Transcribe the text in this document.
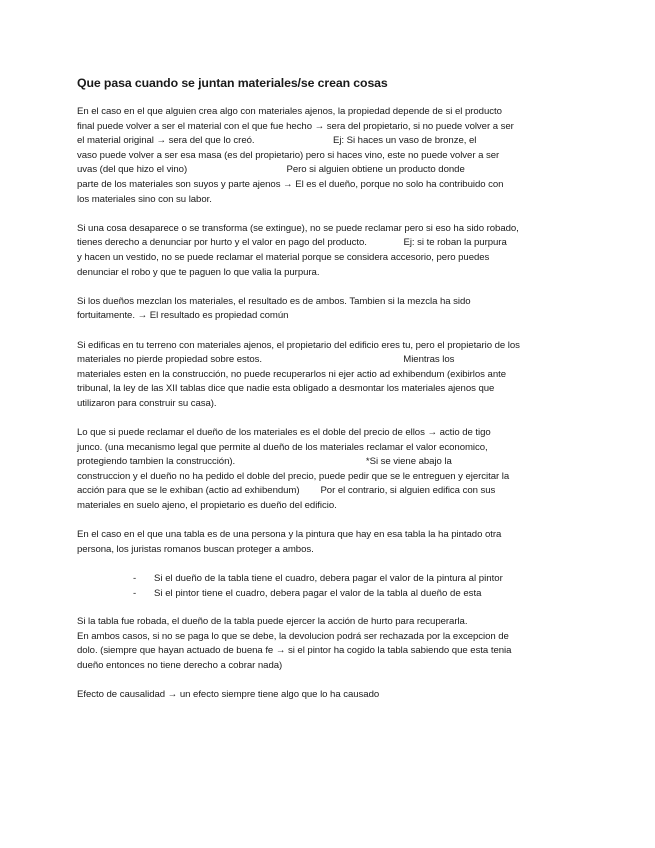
Que pasa cuando se juntan materiales/se crean cosas
En el caso en el que alguien crea algo con materiales ajenos, la propiedad depende de si el producto
final puede volver a ser el material con el que fue hecho → sera del propietario, si no puede volver a ser
el material original → sera del que lo creó.                              Ej: Si haces un vaso de bronze, el
vaso puede volver a ser esa masa (es del propietario) pero si haces vino, este no puede volver a ser
uvas (del que hizo el vino)                                      Pero si alguien obtiene un producto donde
parte de los materiales son suyos y parte ajenos → El es el dueño, porque no solo ha contribuido con
los materiales sino con su labor.
Si una cosa desaparece o se transforma (se extingue), no se puede reclamar pero si eso ha sido robado,
tienes derecho a denunciar por hurto y el valor en pago del producto.              Ej: si te roban la purpura
y hacen un vestido, no se puede reclamar el material porque se considera accesorio, pero puedes
denunciar el robo y que te paguen lo que valia la purpura.
Si los dueños mezclan los materiales, el resultado es de ambos. Tambien si la mezcla ha sido
fortuitamente. → El resultado es propiedad común
Si edificas en tu terreno con materiales ajenos, el propietario del edificio eres tu, pero el propietario de los
materiales no pierde propiedad sobre estos.                                                      Mientras los
materiales esten en la construcción, no puede recuperarlos ni ejer actio ad exhibendum (exibirlos ante
tribunal, la ley de las XII tablas dice que nadie esta obligado a desmontar los materiales ajenos que
utilizaron para construir su casa).
Lo que si puede reclamar el dueño de los materiales es el doble del precio de ellos → actio de tigo
junco. (una mecanismo legal que permite al dueño de los materiales reclamar el valor economico,
protegiendo tambien la construcción).                                                  *Si se viene abajo la
construccion y el dueño no ha pedido el doble del precio, puede pedir que se le entreguen y ejercitar la
acción para que se le exhiban (actio ad exhibendum)        Por el contrario, si alguien edifica con sus
materiales en suelo ajeno, el propietario es dueño del edificio.
En el caso en el que una tabla es de una persona y la pintura que hay en esa tabla la ha pintado otra
persona, los juristas romanos buscan proteger a ambos.
- Si el dueño de la tabla tiene el cuadro, debera pagar el valor de la pintura al pintor
- Si el pintor tiene el cuadro, debera pagar el valor de la tabla al dueño de esta
Si la tabla fue robada, el dueño de la tabla puede ejercer la acción de hurto para recuperarla.
En ambos casos, si no se paga lo que se debe, la devolucion podrá ser rechazada por la excepcion de
dolo. (siempre que hayan actuado de buena fe → si el pintor ha cogido la tabla sabiendo que esta tenia
dueño entonces no tiene derecho a cobrar nada)
Efecto de causalidad → un efecto siempre tiene algo que lo ha causado
